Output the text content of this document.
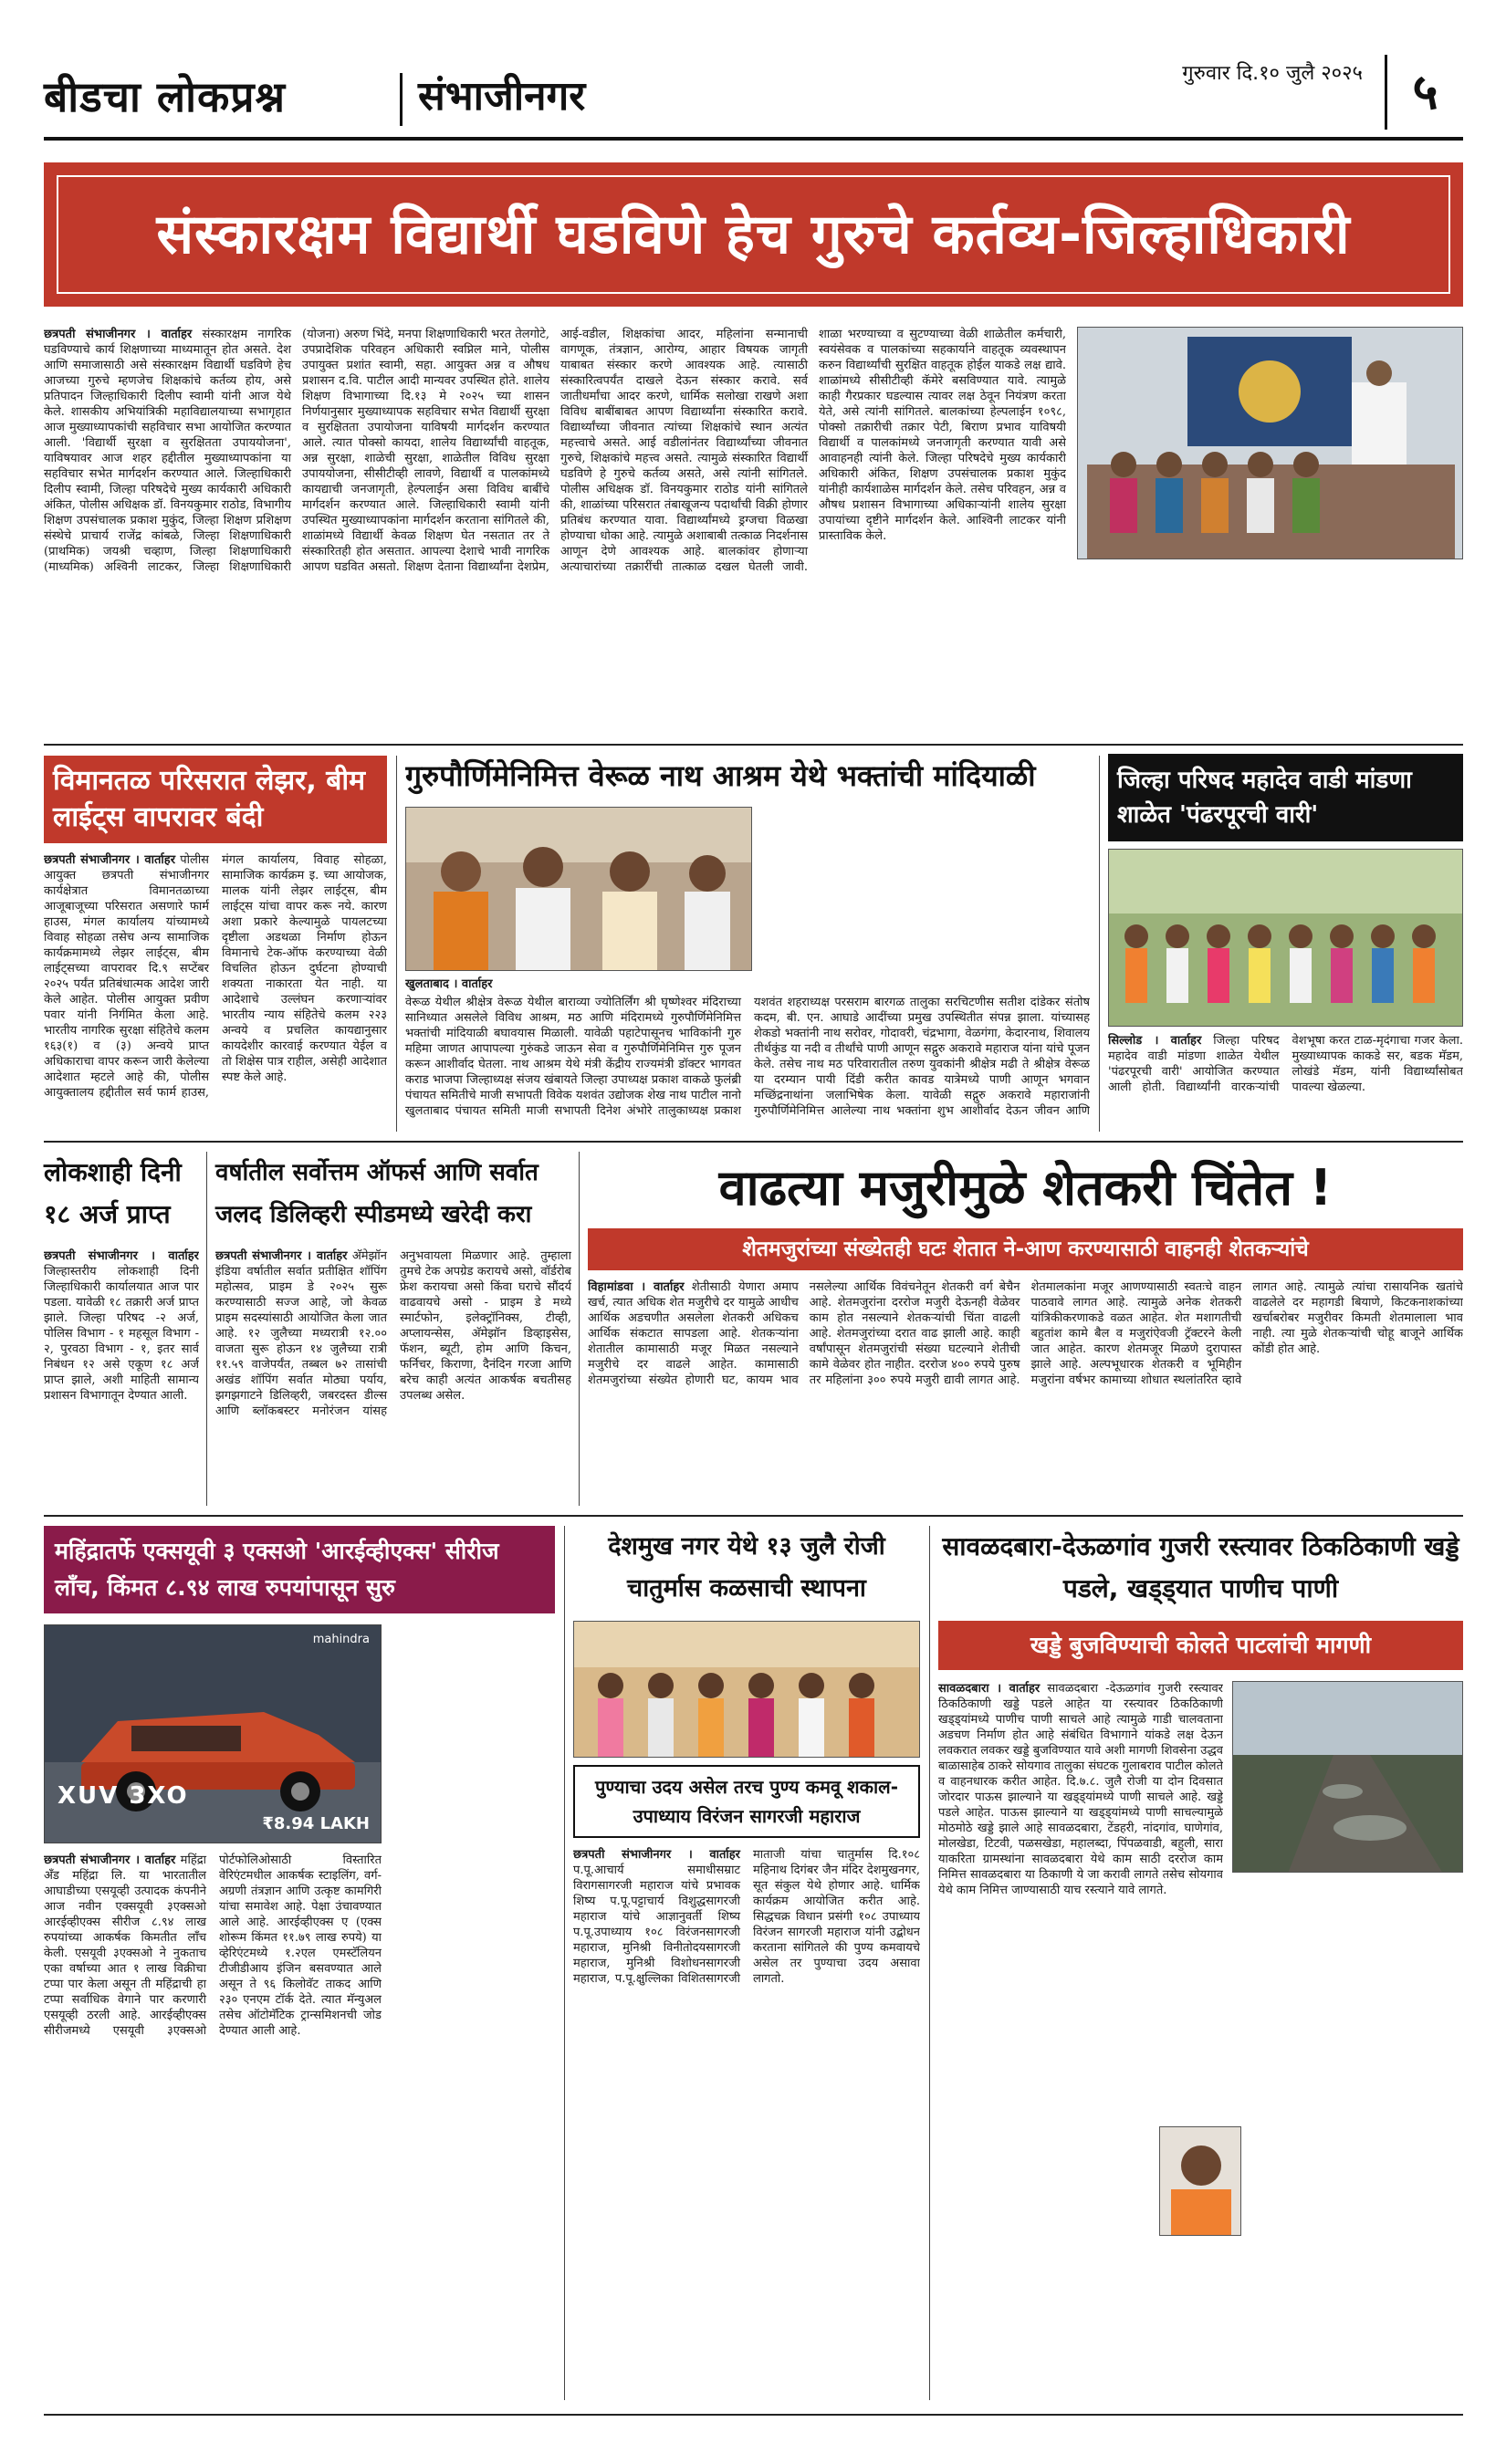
बीडचा लोकप्रश्न	संभाजीनगर	गुरुवार दि.१० जुलै २०२५	५
संस्कारक्षम विद्यार्थी घडविणे हेच गुरुचे कर्तव्य-जिल्हाधिकारी
छत्रपती संभाजीनगर । वार्ताहर संस्कारक्षम नागरिक घडविण्याचे कार्य शिक्षणाच्या माध्यमातून होत असते. देश आणि समाजासाठी असे संस्कारक्षम विद्यार्थी घडविणे हेच आजच्या गुरुचे म्हणजेच शिक्षकांचे कर्तव्य होय, असे प्रतिपादन जिल्हाधिकारी दिलीप स्वामी यांनी आज येथे केले. शासकीय अभियांत्रिकी महाविद्यालयाच्या सभागृहात आज मुख्याध्यापकांची सहविचार सभा आयोजित करण्यात आली. 'विद्यार्थी सुरक्षा व सुरक्षितता उपाययोजना', याविषयावर आज शहर हद्दीतील मुख्याध्यापकांना या सहविचार सभेत मार्गदर्शन करण्यात आले. जिल्हाधिकारी दिलीप स्वामी, जिल्हा परिषदेचे मुख्य कार्यकारी अधिकारी अंकित, पोलीस अधिक्षक डॉ. विनयकुमार राठोड, विभागीय शिक्षण उपसंचालक प्रकाश मुकुंद, जिल्हा शिक्षण प्रशिक्षण संस्थेचे प्राचार्य राजेंद्र कांबळे, जिल्हा शिक्षणाधिकारी (प्राथमिक) जयश्री चव्हाण, जिल्हा शिक्षणाधिकारी (माध्यमिक) अश्विनी लाटकर, जिल्हा शिक्षणाधिकारी (योजना) अरुण भिंदे, मनपा शिक्षणाधिकारी भरत तेलगोटे, उपप्रादेशिक परिवहन अधिकारी स्वप्निल माने, पोलीस उपायुक्त प्रशांत स्वामी, सहा. आयुक्त अन्न व औषध प्रशासन द.वि. पाटील आदी मान्यवर उपस्थित होते. शालेय शिक्षण विभागाच्या दि.१३ मे २०२५ च्या शासन निर्णयानुसार मुख्याध्यापक सहविचार सभेत विद्यार्थी सुरक्षा व सुरक्षितता उपायोजना याविषयी मार्गदर्शन करण्यात आले. त्यात पोक्सो कायदा, शालेय विद्यार्थ्यांची वाहतूक, अन्न सुरक्षा, शाळेची सुरक्षा, शाळेतील विविध सुरक्षा उपाययोजना, सीसीटीव्ही लावणे, विद्यार्थी व पालकांमध्ये कायद्याची जनजागृती, हेल्पलाईन असा विविध बाबींचे मार्गदर्शन करण्यात आले. जिल्हाधिकारी स्वामी यांनी उपस्थित मुख्याध्यापकांना मार्गदर्शन करताना सांगितले की, शाळांमध्ये विद्यार्थी केवळ शिक्षण घेत नसतात तर ते संस्कारितही होत असतात. आपल्या देशाचे भावी नागरिक आपण घडवित असतो. शिक्षण देताना विद्यार्थ्यांना देशप्रेम, आई-वडील, शिक्षकांचा आदर, महिलांना सन्मानाची वागणूक, तंत्रज्ञान, आरोग्य, आहार विषयक जागृती याबाबत संस्कार करणे आवश्यक आहे. त्यासाठी संस्कारित्वपर्यंत दाखले देऊन संस्कार करावे. सर्व जातीधर्मांचा आदर करणे, धार्मिक सलोखा राखणे अशा विविध बाबींबाबत आपण विद्यार्थ्यांना संस्कारित करावे. विद्यार्थ्यांच्या जीवनात त्यांच्या शिक्षकांचे स्थान अत्यंत महत्त्वाचे असते. आई वडीलांनंतर विद्यार्थ्यांच्या जीवनात गुरुचे, शिक्षकांचे महत्त्व असते. त्यामुळे संस्कारित विद्यार्थी घडविणे हे गुरुचे कर्तव्य असते, असे त्यांनी सांगितले. पोलीस अधिक्षक डॉ. विनयकुमार राठोड यांनी सांगितले की, शाळांच्या परिसरात तंबाखूजन्य पदार्थांची विक्री होणार प्रतिबंध करण्यात यावा. विद्यार्थ्यांमध्ये ड्रग्जचा विळखा होण्याचा धोका आहे. त्यामुळे अशाबाबी तत्काळ निदर्शनास आणून देणे आवश्यक आहे. बालकांवर होणाऱ्या अत्याचारांच्या तक्रारींची तात्काळ दखल घेतली जावी. शाळा भरण्याच्या व सुटण्याच्या वेळी शाळेतील कर्मचारी, स्वयंसेवक व पालकांच्या सहकार्याने वाहतूक व्यवस्थापन करुन विद्यार्थ्यांची सुरक्षित वाहतूक होईल याकडे लक्ष द्यावे. शाळांमध्ये सीसीटीव्ही कॅमेरे बसविण्यात यावे. त्यामुळे काही गैरप्रकार घडल्यास त्यावर लक्ष ठेवून नियंत्रण करता येते, असे त्यांनी सांगितले. बालकांच्या हेल्पलाईन १०९८, पोक्सो तक्रारीची तक्रार पेटी, बिराण प्रभाव याविषयी विद्यार्थी व पालकांमध्ये जनजागृती करण्यात यावी असे आवाहनही त्यांनी केले. जिल्हा परिषदेचे मुख्य कार्यकारी अधिकारी अंकित, शिक्षण उपसंचालक प्रकाश मुकुंद यांनीही कार्यशाळेस मार्गदर्शन केले. तसेच परिवहन, अन्न व औषध प्रशासन विभागाच्या अधिकाऱ्यांनी शालेय सुरक्षा उपायांच्या दृष्टीने मार्गदर्शन केले. आश्विनी लाटकर यांनी प्रास्ताविक केले.
विमानतळ परिसरात लेझर, बीम लाईट्स वापरावर बंदी
छत्रपती संभाजीनगर । वार्ताहर पोलीस आयुक्त छत्रपती संभाजीनगर कार्यक्षेत्रात विमानतळाच्या आजूबाजूच्या परिसरात असणारे फार्म हाउस, मंगल कार्यालय यांच्यामध्ये विवाह सोहळा तसेच अन्य सामाजिक कार्यक्रमामध्ये लेझर लाईट्स, बीम लाईट्सच्या वापरावर दि.९ सप्टेंबर २०२५ पर्यंत प्रतिबंधात्मक आदेश जारी केले आहेत. पोलीस आयुक्त प्रवीण पवार यांनी निर्गमित केला आहे. भारतीय नागरिक सुरक्षा संहितेचे कलम १६३(१) व (३) अन्वये प्राप्त अधिकाराचा वापर करून जारी केलेल्या आदेशात म्हटले आहे की, पोलीस आयुक्तालय हद्दीतील सर्व फार्म हाउस, मंगल कार्यालय, विवाह सोहळा, सामाजिक कार्यक्रम इ. च्या आयोजक, मालक यांनी लेझर लाईट्स, बीम लाईट्स यांचा वापर करू नये. कारण अशा प्रकारे केल्यामुळे पायलटच्या दृष्टीला अडथळा निर्माण होऊन विमानाचे टेक-ऑफ करण्याच्या वेळी विचलित होऊन दुर्घटना होण्याची शक्यता नाकारता येत नाही. या आदेशाचे उल्लंघन करणाऱ्यांवर भारतीय न्याय संहितेचे कलम २२३ अन्वये व प्रचलित कायद्यानुसार कायदेशीर कारवाई करण्यात येईल व तो शिक्षेस पात्र राहील, असेही आदेशात स्पष्ट केले आहे.
गुरुपौर्णिमेनिमित्त वेरूळ नाथ आश्रम येथे भक्तांची मांदियाळी
खुलताबाद । वार्ताहर
वेरूळ येथील श्रीक्षेत्र वेरूळ येथील बाराव्या ज्योतिर्लिंग श्री घृष्णेश्वर मंदिराच्या सानिध्यात असलेले विविध आश्रम, मठ आणि मंदिरामध्ये गुरुपौर्णिमेनिमित्त भक्तांची मांदियाळी बघावयास मिळाली. यावेळी पहाटेपासूनच भाविकांनी गुरु महिमा जाणत आपापल्या गुरुंकडे जाऊन सेवा व गुरुपौर्णिमेनिमित्त गुरु पूजन करून आशीर्वाद घेतला. नाथ आश्रम येथे मंत्री केंद्रीय राज्यमंत्री डॉक्टर भागवत कराड भाजपा जिल्हाध्यक्ष संजय खंबायते जिल्हा उपाध्यक्ष प्रकाश वाकळे फुलंब्री पंचायत समितीचे माजी सभापती विवेक यशवंत उद्योजक शेख नाथ पाटील नानो खुलताबाद पंचायत समिती माजी सभापती दिनेश अंभोरे तालुकाध्यक्ष प्रकाश यशवंत शहराध्यक्ष परसराम बारगळ तालुका सरचिटणीस सतीश दांडेकर संतोष कदम, बी. एन. आघाडे आदींच्या प्रमुख उपस्थितीत संपन्न झाला. यांच्यासह शेकडो भक्तांनी नाथ सरोवर, गोदावरी, चंद्रभागा, वेळगंगा, केदारनाथ, शिवालय तीर्थकुंड या नदी व तीर्थांचे पाणी आणून सद्गुरु अकरावे महाराज यांना यांचे पूजन केले. तसेच नाथ मठ परिवारातील तरुण युवकांनी श्रीक्षेत्र मढी ते श्रीक्षेत्र वेरूळ या दरम्यान पायी दिंडी करीत कावड यात्रेमध्ये पाणी आणून भगवान मच्छिंद्रनाथांना जलाभिषेक केला. यावेळी सद्गुरु अकरावे महाराजांनी गुरुपौर्णिमेनिमित्त आलेल्या नाथ भक्तांना शुभ आशीर्वाद देऊन जीवन आणि
जिल्हा परिषद महादेव वाडी मांडणा शाळेत 'पंढरपूरची वारी'
सिल्लोड । वार्ताहर जिल्हा परिषद महादेव वाडी मांडणा शाळेत येथील 'पंढरपूरची वारी' आयोजित करण्यात आली होती. विद्यार्थ्यांनी वारकऱ्यांची वेशभूषा करत टाळ-मृदंगाचा गजर केला. मुख्याध्यापक काकडे सर, बडक मॅडम, लोखंडे मॅडम, यांनी विद्यार्थ्यांसोबत पावल्या खेळल्या.
लोकशाही दिनी १८ अर्ज प्राप्त
छत्रपती संभाजीनगर । वार्ताहर जिल्हास्तरीय लोकशाही दिनी जिल्हाधिकारी कार्यालयात आज पार पडला. यावेळी १८ तक्रारी अर्ज प्राप्त झाले. जिल्हा परिषद -२ अर्ज, पोलिस विभाग - १ महसूल विभाग - २, पुरवठा विभाग - १, इतर सार्व निबंधन १२ असे एकूण १८ अर्ज प्राप्त झाले, अशी माहिती सामान्य प्रशासन विभागातून देण्यात आली.
वर्षातील सर्वोत्तम ऑफर्स आणि सर्वात जलद डिलिव्हरी स्पीडमध्ये खरेदी करा
छत्रपती संभाजीनगर । वार्ताहर अ‍ॅमेझॉन इंडिया वर्षातील सर्वात प्रतीक्षित शॉपिंग महोत्सव, प्राइम डे २०२५ सुरू करण्यासाठी सज्ज आहे, जो केवळ प्राइम सदस्यांसाठी आयोजित केला जात आहे. १२ जुलैच्या मध्यरात्री १२.०० वाजता सुरू होऊन १४ जुलैच्या रात्री ११.५९ वाजेपर्यंत, तब्बल ७२ तासांची अखंड शॉपिंग सर्वात मोठ्या पर्याय, झगझगाटने डिलिव्हरी, जबरदस्त डील्स आणि ब्लॉकबस्टर मनोरंजन यांसह अनुभवायला मिळणार आहे. तुम्हाला तुमचे टेक अपग्रेड करायचे असो, वॉर्डरोब फ्रेश करायचा असो किंवा घराचे सौंदर्य वाढवायचे असो - प्राइम डे मध्ये स्मार्टफोन, इलेक्ट्रॉनिक्स, टीव्ही, अप्लायन्सेस, अ‍ॅमेझॉन डिव्हाइसेस, फॅशन, ब्यूटी, होम आणि किचन, फर्निचर, किराणा, दैनंदिन गरजा आणि बरेच काही अत्यंत आकर्षक बचतीसह उपलब्ध असेल.
वाढत्या मजुरीमुळे शेतकरी चिंतेत !
शेतमजुरांच्या संख्येतही घटः शेतात ने-आण करण्यासाठी वाहनही शेतकऱ्यांचे
विहामांडवा । वार्ताहर शेतीसाठी येणारा अमाप खर्च, त्यात अधिक शेत मजुरीचे दर यामुळे आधीच आर्थिक अडचणीत असलेला शेतकरी अधिकच आर्थिक संकटात सापडला आहे. शेतकऱ्यांना शेतातील कामासाठी मजूर मिळत नसल्याने मजुरीचे दर वाढले आहेत. कामासाठी शेतमजुरांच्या संख्येत होणारी घट, कायम भाव नसलेल्या आर्थिक विवंचनेतून शेतकरी वर्ग बेचैन आहे. शेतमजुरांना दररोज मजुरी देऊनही वेळेवर काम होत नसल्याने शेतकऱ्यांची चिंता वाढली आहे. शेतमजुरांच्या दरात वाढ झाली आहे. काही वर्षांपासून शेतमजुरांची संख्या घटल्याने शेतीची कामे वेळेवर होत नाहीत. दररोज ४०० रुपये पुरुष तर महिलांना ३०० रुपये मजुरी द्यावी लागत आहे. शेतमालकांना मजूर आणण्यासाठी स्वतःचे वाहन पाठवावे लागत आहे. त्यामुळे अनेक शेतकरी यांत्रिकीकरणाकडे वळत आहेत. शेत मशागतीची बहुतांश कामे बैल व मजुरांऐवजी ट्रॅक्टरने केली जात आहेत. कारण शेतमजूर मिळणे दुरापास्त झाले आहे. अल्पभूधारक शेतकरी व भूमिहीन मजुरांना वर्षभर कामाच्या शोधात स्थलांतरित व्हावे लागत आहे. त्यामुळे त्यांचा रासायनिक खतांचे वाढलेले दर महागडी बियाणे, किटकनाशकांच्या खर्चाबरोबर मजुरीवर किमती शेतमालाला भाव नाही. त्या मुळे शेतकऱ्यांची चोहू बाजूने आर्थिक कोंडी होत आहे.
महिंद्रातर्फे एक्सयूवी ३ एक्सओ 'आरईव्हीएक्स' सीरीज लाँच, किंमत ८.९४ लाख रुपयांपासून सुरु
mahindra
XUV 3XO
₹8.94 LAKH
छत्रपती संभाजीनगर । वार्ताहर महिंद्रा अँड महिंद्रा लि. या भारतातील आघाडीच्या एसयूव्ही उत्पादक कंपनीने आज नवीन एक्सयूवी ३एक्सओ आरईव्हीएक्स सीरीज ८.९४ लाख रुपयांच्या आकर्षक किमतीत लाँच केली. एसयूवी ३एक्सओ ने नुकताच एका वर्षाच्या आत १ लाख विक्रीचा टप्पा पार केला असून ती महिंद्राची हा टप्पा सर्वाधिक वेगाने पार करणारी एसयूव्ही ठरली आहे. आरईव्हीएक्स सीरीजमध्ये एसयूवी ३एक्सओ पोर्टफोलिओसाठी विस्तारित वेरिएंटमधील आकर्षक स्टाइलिंग, वर्ग-अग्रणी तंत्रज्ञान आणि उत्कृष्ट कामगिरी यांचा समावेश आहे. पेक्षा उंचावण्यात आले आहे. आरईव्हीएक्स ए (एक्स शोरूम किंमत ११.७९ लाख रुपये) या व्हेरिएंटमध्ये १.२एल एमस्टॅलियन टीजीडीआय इंजिन बसवण्यात आले असून ते ९६ किलोवॅट ताकद आणि २३० एनएम टॉर्क देते. त्यात मॅन्युअल तसेच ऑटोमॅटिक ट्रान्समिशनची जोड देण्यात आली आहे.
देशमुख नगर येथे १३ जुलै रोजी चातुर्मास कळसाची स्थापना
पुण्याचा उदय असेल तरच पुण्य कमवू शकाल-उपाध्याय विरंजन सागरजी महाराज
छत्रपती संभाजीनगर । वार्ताहर प.पू.आचार्य समाधीसम्राट विरागसागरजी महाराज यांचे प्रभावक शिष्य प.पू.पट्टाचार्य विशुद्धसागरजी महाराज यांचे आज्ञानुवर्ती शिष्य प.पू.उपाध्याय १०८ विरंजनसागरजी महाराज, मुनिश्री विनीतोदयसागरजी महाराज, मुनिश्री विशोधनसागरजी महाराज, प.पू.क्षुल्लिका विशितसागरजी माताजी यांचा चातुर्मास दि.१०८ महिनाथ दिगंबर जैन मंदिर देशमुखनगर, सूत संकुल येथे होणार आहे. धार्मिक कार्यक्रम आयोजित करीत आहे. सिद्धचक्र विधान प्रसंगी १०८ उपाध्याय विरंजन सागरजी महाराज यांनी उद्बोधन करताना सांगितले की पुण्य कमवायचे असेल तर पुण्याचा उदय असावा लागतो.
सावळदबारा-देऊळगांव गुजरी रस्त्यावर ठिकठिकाणी खड्डे पडले, खड्ड्यात पाणीच पाणी
खड्डे बुजविण्याची कोलते पाटलांची मागणी
सावळदबारा । वार्ताहर सावळदबारा -देऊळगांव गुजरी रस्त्यावर ठिकठिकाणी खड्डे पडले आहेत या रस्त्यावर ठिकठिकाणी खड्ड्यांमध्ये पाणीच पाणी साचले आहे त्यामुळे गाडी चालवताना अडचण निर्माण होत आहे संबंधित विभागाने यांकडे लक्ष देऊन लवकरात लवकर खड्डे बुजविण्यात यावे अशी मागणी शिवसेना उद्धव बाळासाहेब ठाकरे सोयगाव तालुका संघटक गुलाबराव पाटील कोलते व वाहनधारक करीत आहेत. दि.७.८. जुलै रोजी या दोन दिवसात जोरदार पाऊस झाल्याने या खड्ड्यांमध्ये पाणी साचले आहे. खड्डे पडले आहेत. पाऊस झाल्याने या खड्ड्यांमध्ये पाणी साचल्यामुळे मोठमोठे खड्डे झाले आहे सावळदबारा, टेंडहरी, नांदगांव, घाणेगांव, मोलखेडा, टिटवी, पळसखेडा, महालब्दा, पिंपळवाडी, बहुली, सारा याकरिता ग्रामस्थांना सावळदबारा येथे काम साठी दररोज काम निमित्त सावळदबारा या ठिकाणी ये जा करावी लागते तसेच सोयगाव येथे काम निमित्त जाण्यासाठी याच रस्त्याने यावे लागते.
